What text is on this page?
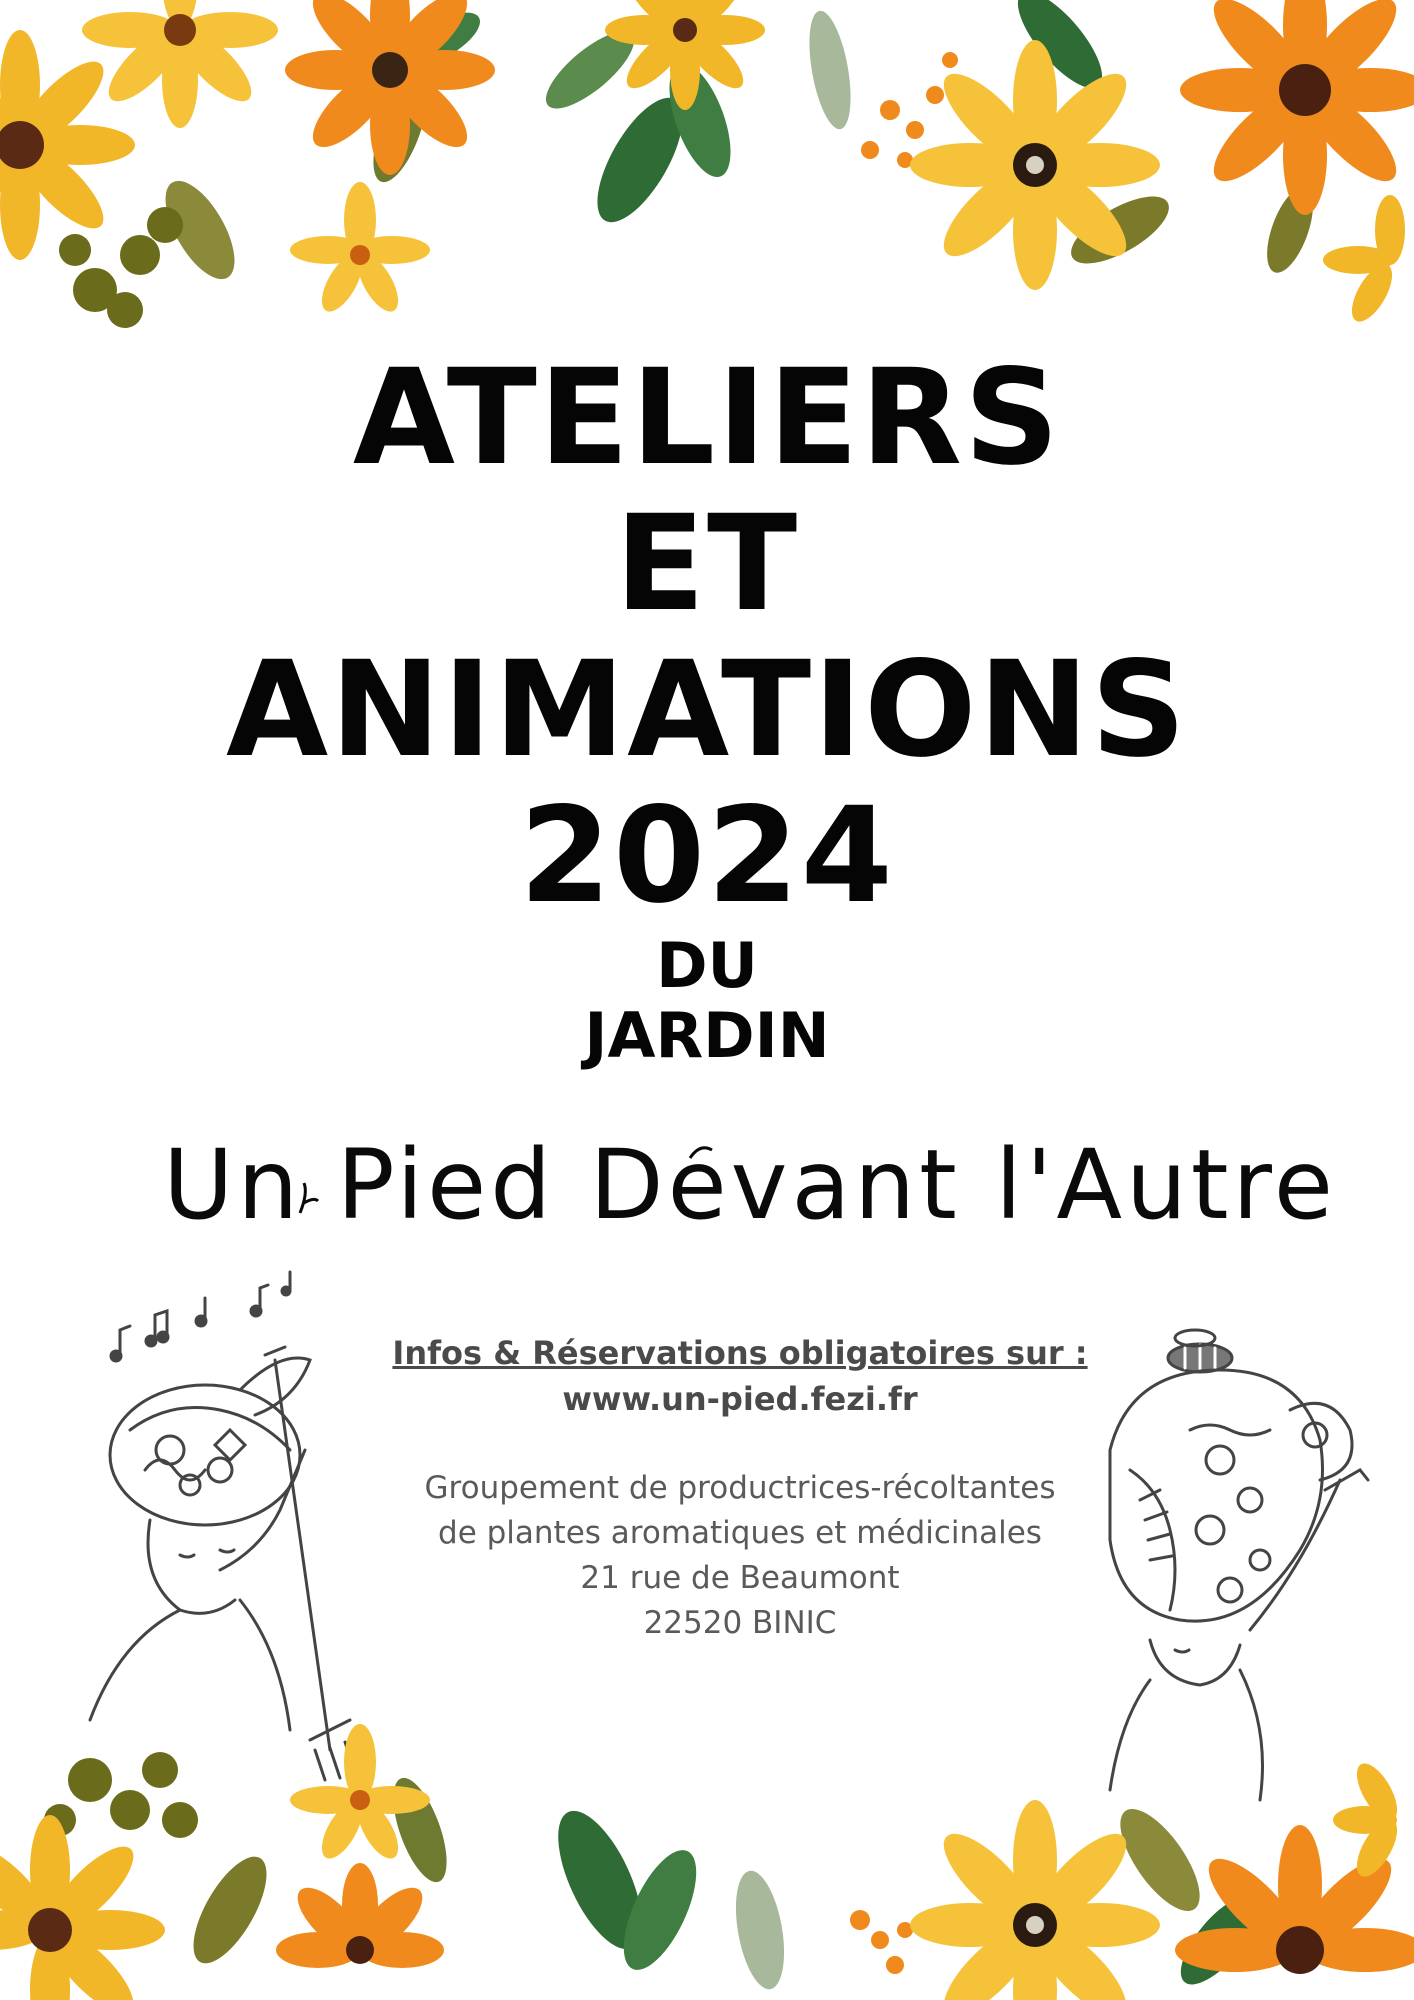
ATELIERS
ET
ANIMATIONS
2024
DU
JARDIN
Un Pied Devant l'Autre
Infos & Réservations obligatoires sur :
www.un-pied.fezi.fr
Groupement de productrices-récoltantes
de plantes aromatiques et médicinales
21 rue de Beaumont
22520 BINIC
